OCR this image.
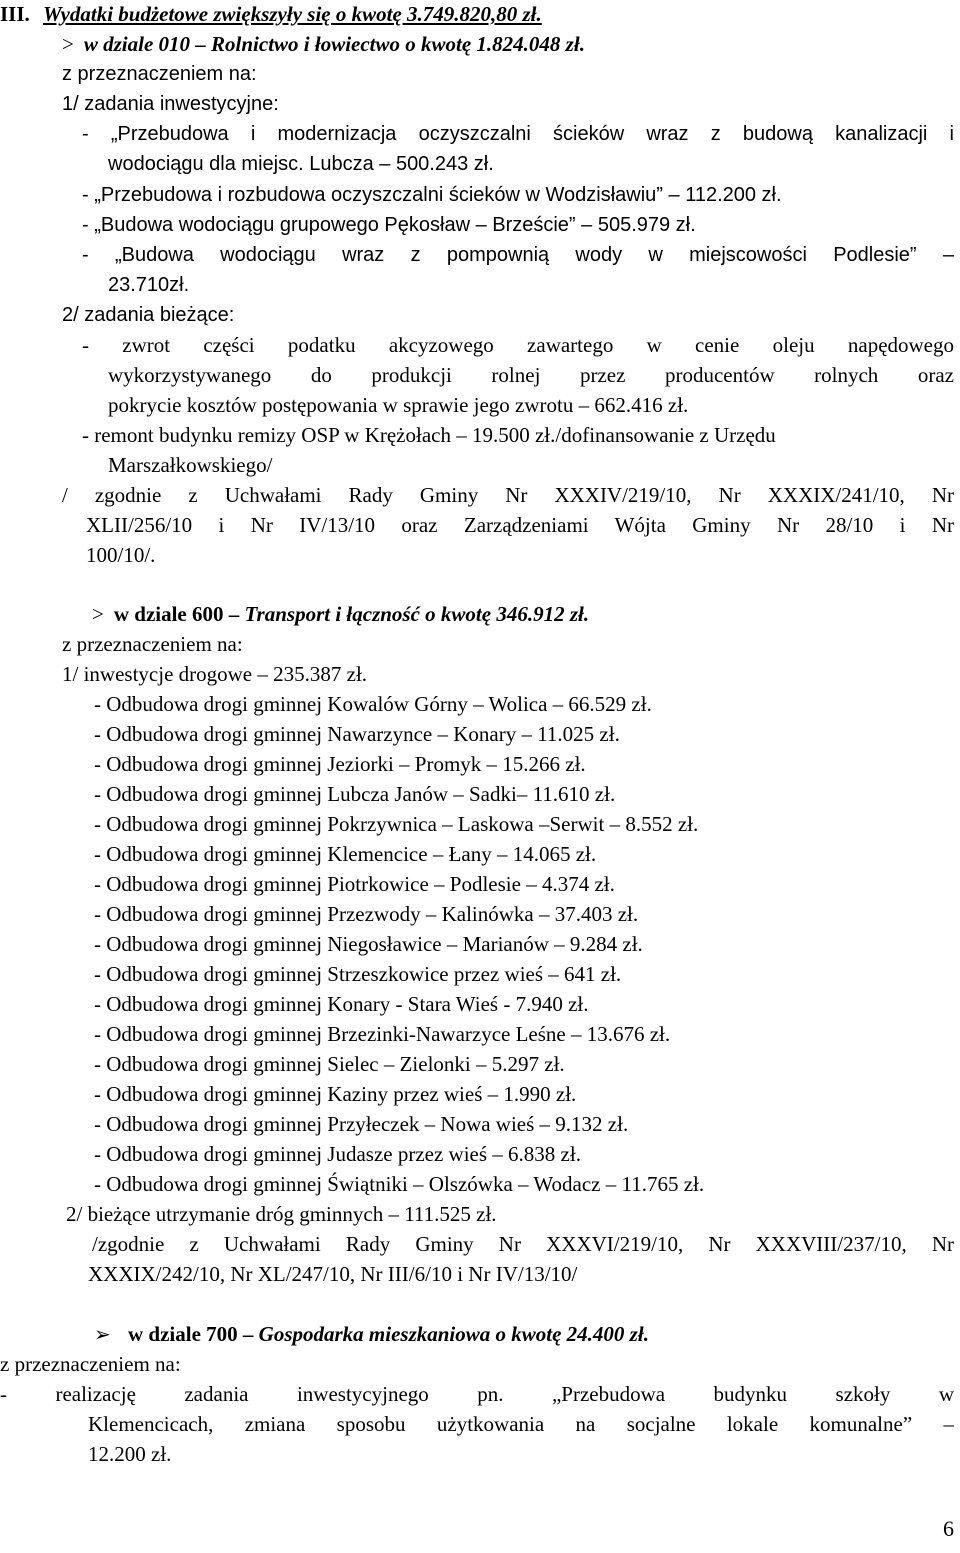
III. Wydatki budżetowe zwiększyły się o kwotę 3.749.820,80 zł.
> w dziale 010 – Rolnictwo i łowiectwo o kwotę 1.824.048 zł.
z przeznaczeniem na:
1/ zadania inwestycyjne:
- „Przebudowa i modernizacja oczyszczalni ścieków wraz z budową kanalizacji i
wodociągu dla miejsc. Lubcza – 500.243 zł.
- „Przebudowa i rozbudowa oczyszczalni ścieków w Wodzisławiu” – 112.200 zł.
- „Budowa wodociągu grupowego Pękosław – Brzeście” – 505.979 zł.
- „Budowa wodociągu wraz z pompownią wody w miejscowości Podlesie” –
23.710zł.
2/ zadania bieżące:
- zwrot części podatku akcyzowego zawartego w cenie oleju napędowego
wykorzystywanego do produkcji rolnej przez producentów rolnych oraz
pokrycie kosztów postępowania w sprawie jego zwrotu – 662.416 zł.
- remont budynku remizy OSP w Krężołach – 19.500 zł./dofinansowanie z Urzędu
Marszałkowskiego/
/ zgodnie z Uchwałami Rady Gminy Nr XXXIV/219/10, Nr XXXIX/241/10, Nr
XLII/256/10 i Nr IV/13/10 oraz Zarządzeniami Wójta Gminy Nr 28/10 i Nr
100/10/.
> w dziale 600 – Transport i łączność o kwotę 346.912 zł.
z przeznaczeniem na:
1/ inwestycje drogowe – 235.387 zł.
- Odbudowa drogi gminnej Kowalów Górny – Wolica – 66.529 zł.
- Odbudowa drogi gminnej Nawarzynce – Konary – 11.025 zł.
- Odbudowa drogi gminnej Jeziorki – Promyk – 15.266 zł.
- Odbudowa drogi gminnej Lubcza Janów – Sadki– 11.610 zł.
- Odbudowa drogi gminnej Pokrzywnica – Laskowa –Serwit – 8.552 zł.
- Odbudowa drogi gminnej Klemencice – Łany – 14.065 zł.
- Odbudowa drogi gminnej Piotrkowice – Podlesie – 4.374 zł.
- Odbudowa drogi gminnej Przezwody – Kalinówka – 37.403 zł.
- Odbudowa drogi gminnej Niegosławice – Marianów – 9.284 zł.
- Odbudowa drogi gminnej Strzeszkowice przez wieś – 641 zł.
- Odbudowa drogi gminnej Konary - Stara Wieś - 7.940 zł.
- Odbudowa drogi gminnej Brzezinki-Nawarzyce Leśne – 13.676 zł.
- Odbudowa drogi gminnej Sielec – Zielonki – 5.297 zł.
- Odbudowa drogi gminnej Kaziny przez wieś – 1.990 zł.
- Odbudowa drogi gminnej Przyłeczek – Nowa wieś – 9.132 zł.
- Odbudowa drogi gminnej Judasze przez wieś – 6.838 zł.
- Odbudowa drogi gminnej Świątniki – Olszówka – Wodacz – 11.765 zł.
2/ bieżące utrzymanie dróg gminnych – 111.525 zł.
/zgodnie z Uchwałami Rady Gminy Nr XXXVI/219/10, Nr XXXVIII/237/10, Nr
XXXIX/242/10, Nr XL/247/10, Nr III/6/10 i Nr IV/13/10/
➢ w dziale 700 – Gospodarka mieszkaniowa o kwotę 24.400 zł.
z przeznaczeniem na:
- realizację zadania inwestycyjnego pn. „Przebudowa budynku szkoły w
Klemencicach, zmiana sposobu użytkowania na socjalne lokale komunalne” –
12.200 zł.
6
